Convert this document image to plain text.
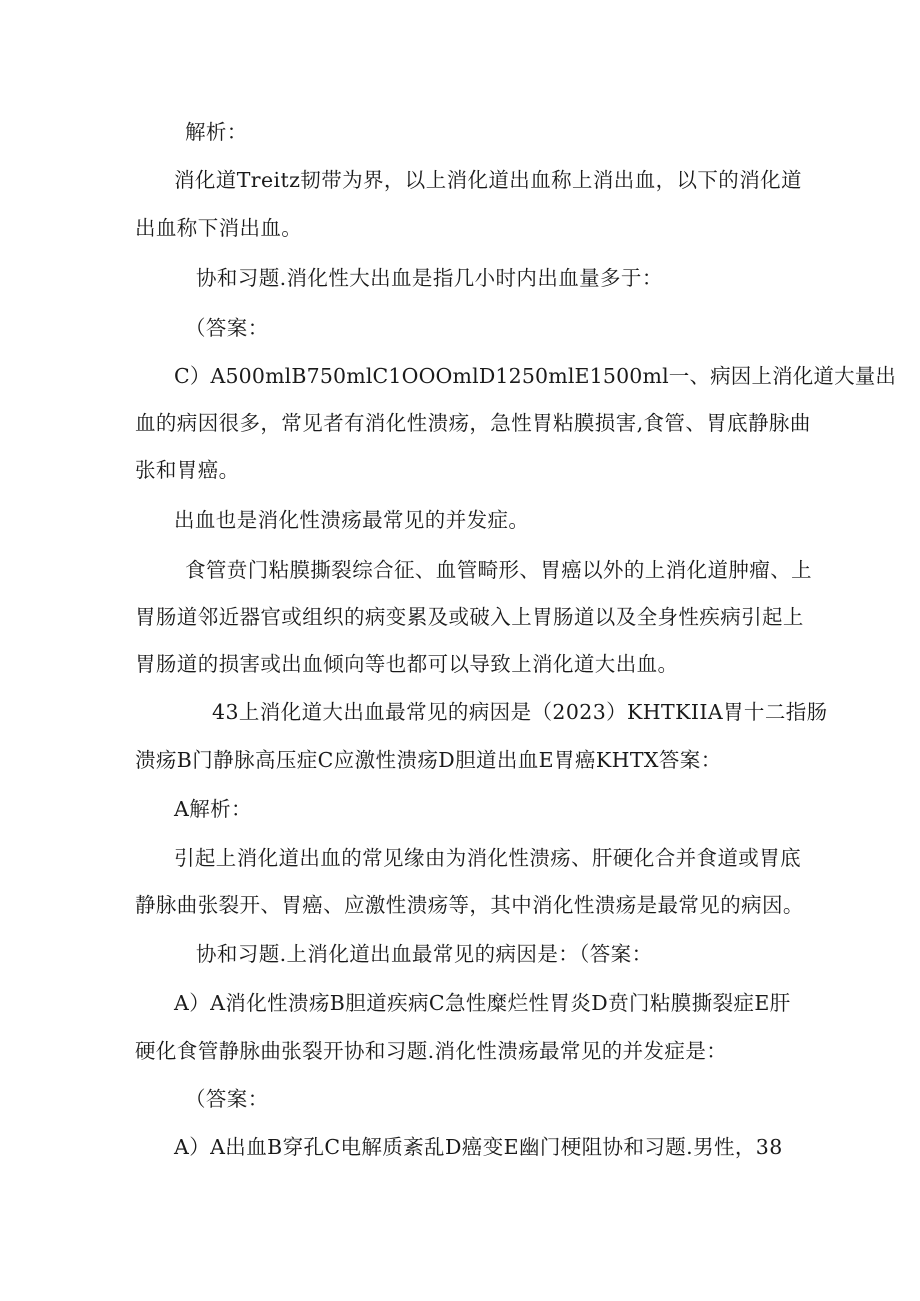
解析：
消化道Treitz韧带为界，以上消化道出血称上消出血，以下的消化道
出血称下消出血。
协和习题.消化性大出血是指几小时内出血量多于：
（答案：
C）A500mlB750mlC1OOOmlD1250mlE1500ml一、病因上消化道大量出
血的病因很多，常见者有消化性溃疡，急性胃粘膜损害,食管、胃底静脉曲
张和胃癌。
出血也是消化性溃疡最常见的并发症。
食管贲门粘膜撕裂综合征、血管畸形、胃癌以外的上消化道肿瘤、上
胃肠道邻近器官或组织的病变累及或破入上胃肠道以及全身性疾病引起上
胃肠道的损害或出血倾向等也都可以导致上消化道大出血。
43上消化道大出血最常见的病因是（2023）KHTKIIA胃十二指肠
溃疡B门静脉高压症C应激性溃疡D胆道出血E胃癌KHTX答案：
A解析：
引起上消化道出血的常见缘由为消化性溃疡、肝硬化合并食道或胃底
静脉曲张裂开、胃癌、应激性溃疡等，其中消化性溃疡是最常见的病因。
协和习题.上消化道出血最常见的病因是：（答案：
A）A消化性溃疡B胆道疾病C急性糜烂性胃炎D贲门粘膜撕裂症E肝
硬化食管静脉曲张裂开协和习题.消化性溃疡最常见的并发症是：
（答案：
A）A出血B穿孔C电解质紊乱D癌变E幽门梗阻协和习题.男性，38
